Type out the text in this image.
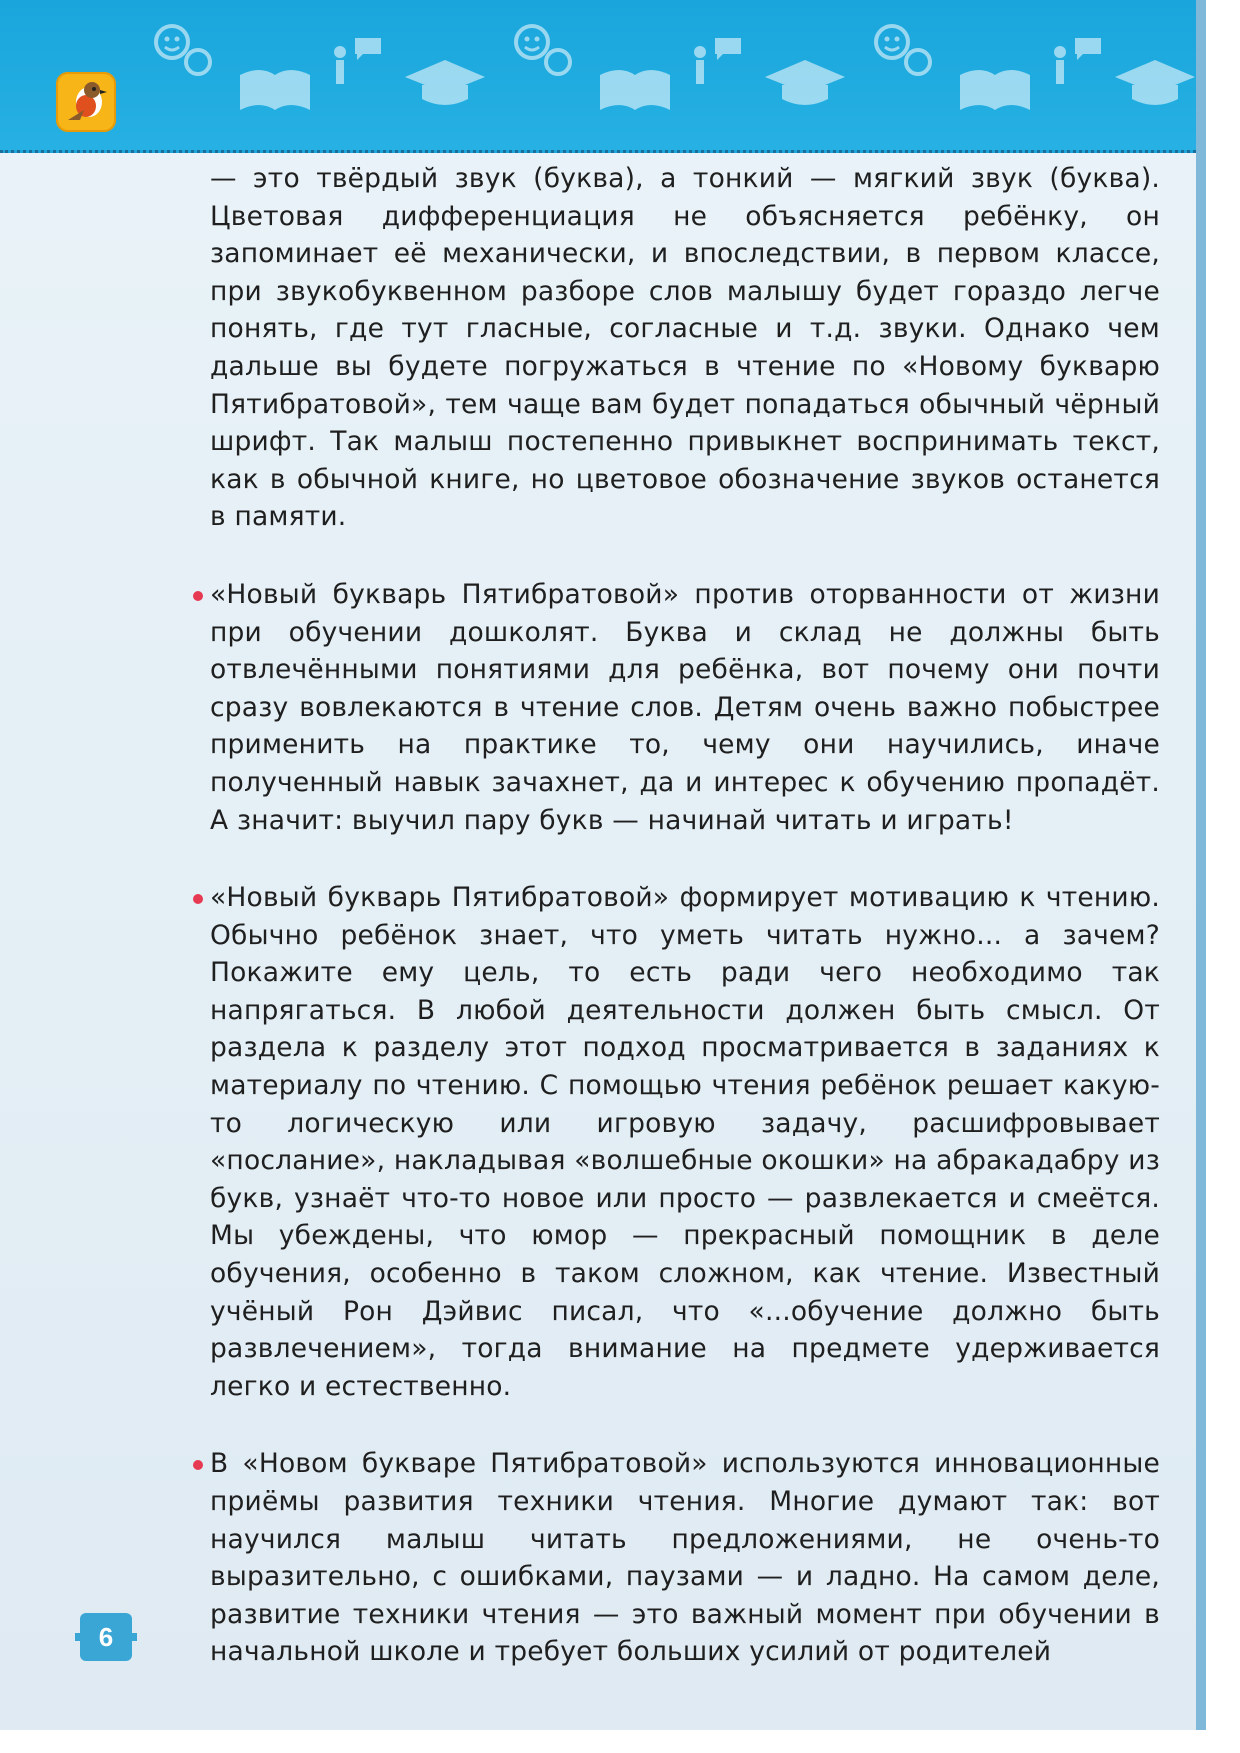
— это твёрдый звук (буква), а тонкий — мягкий звук (буква). Цветовая дифференциация не объясняется ребёнку, он запоминает её механически, и впоследствии, в первом классе, при звукобуквенном разборе слов малышу будет гораздо легче понять, где тут гласные, согласные и т.д. звуки. Однако чем дальше вы будете погружаться в чтение по «Новому букварю Пятибратовой», тем чаще вам будет попадаться обычный чёрный шрифт. Так малыш постепенно привыкнет воспринимать текст, как в обычной книге, но цветовое обозначение звуков останется в памяти.

«Новый букварь Пятибратовой» против оторванности от жизни при обучении дошколят. Буква и склад не должны быть отвлечёнными понятиями для ребёнка, вот почему они почти сразу вовлекаются в чтение слов. Детям очень важно побыстрее применить на практике то, чему они научились, иначе полученный навык зачахнет, да и интерес к обучению пропадёт. А значит: выучил пару букв — начинай читать и играть!
«Новый букварь Пятибратовой» формирует мотивацию к чтению. Обычно ребёнок знает, что уметь читать нужно... а зачем? Покажите ему цель, то есть ради чего необходимо так напрягаться. В любой деятельности должен быть смысл. От раздела к разделу этот подход просматривается в заданиях к материалу по чтению. С помощью чтения ребёнок решает какую-то логическую или игровую задачу, расшифровывает «послание», накладывая «волшебные окошки» на абракадабру из букв, узнаёт что-то новое или просто — развлекается и смеётся. Мы убеждены, что юмор — прекрасный помощник в деле обучения, особенно в таком сложном, как чтение. Известный учёный Рон Дэйвис писал, что «...обучение должно быть развлечением», тогда внимание на предмете удерживается легко и естественно.
В «Новом букваре Пятибратовой» используются инновационные приёмы развития техники чтения. Многие думают так: вот научился малыш читать предложениями, не очень-то выразительно, с ошибками, паузами — и ладно. На самом деле, развитие техники чтения — это важный момент при обучении в начальной школе и требует больших усилий от родителей
6
